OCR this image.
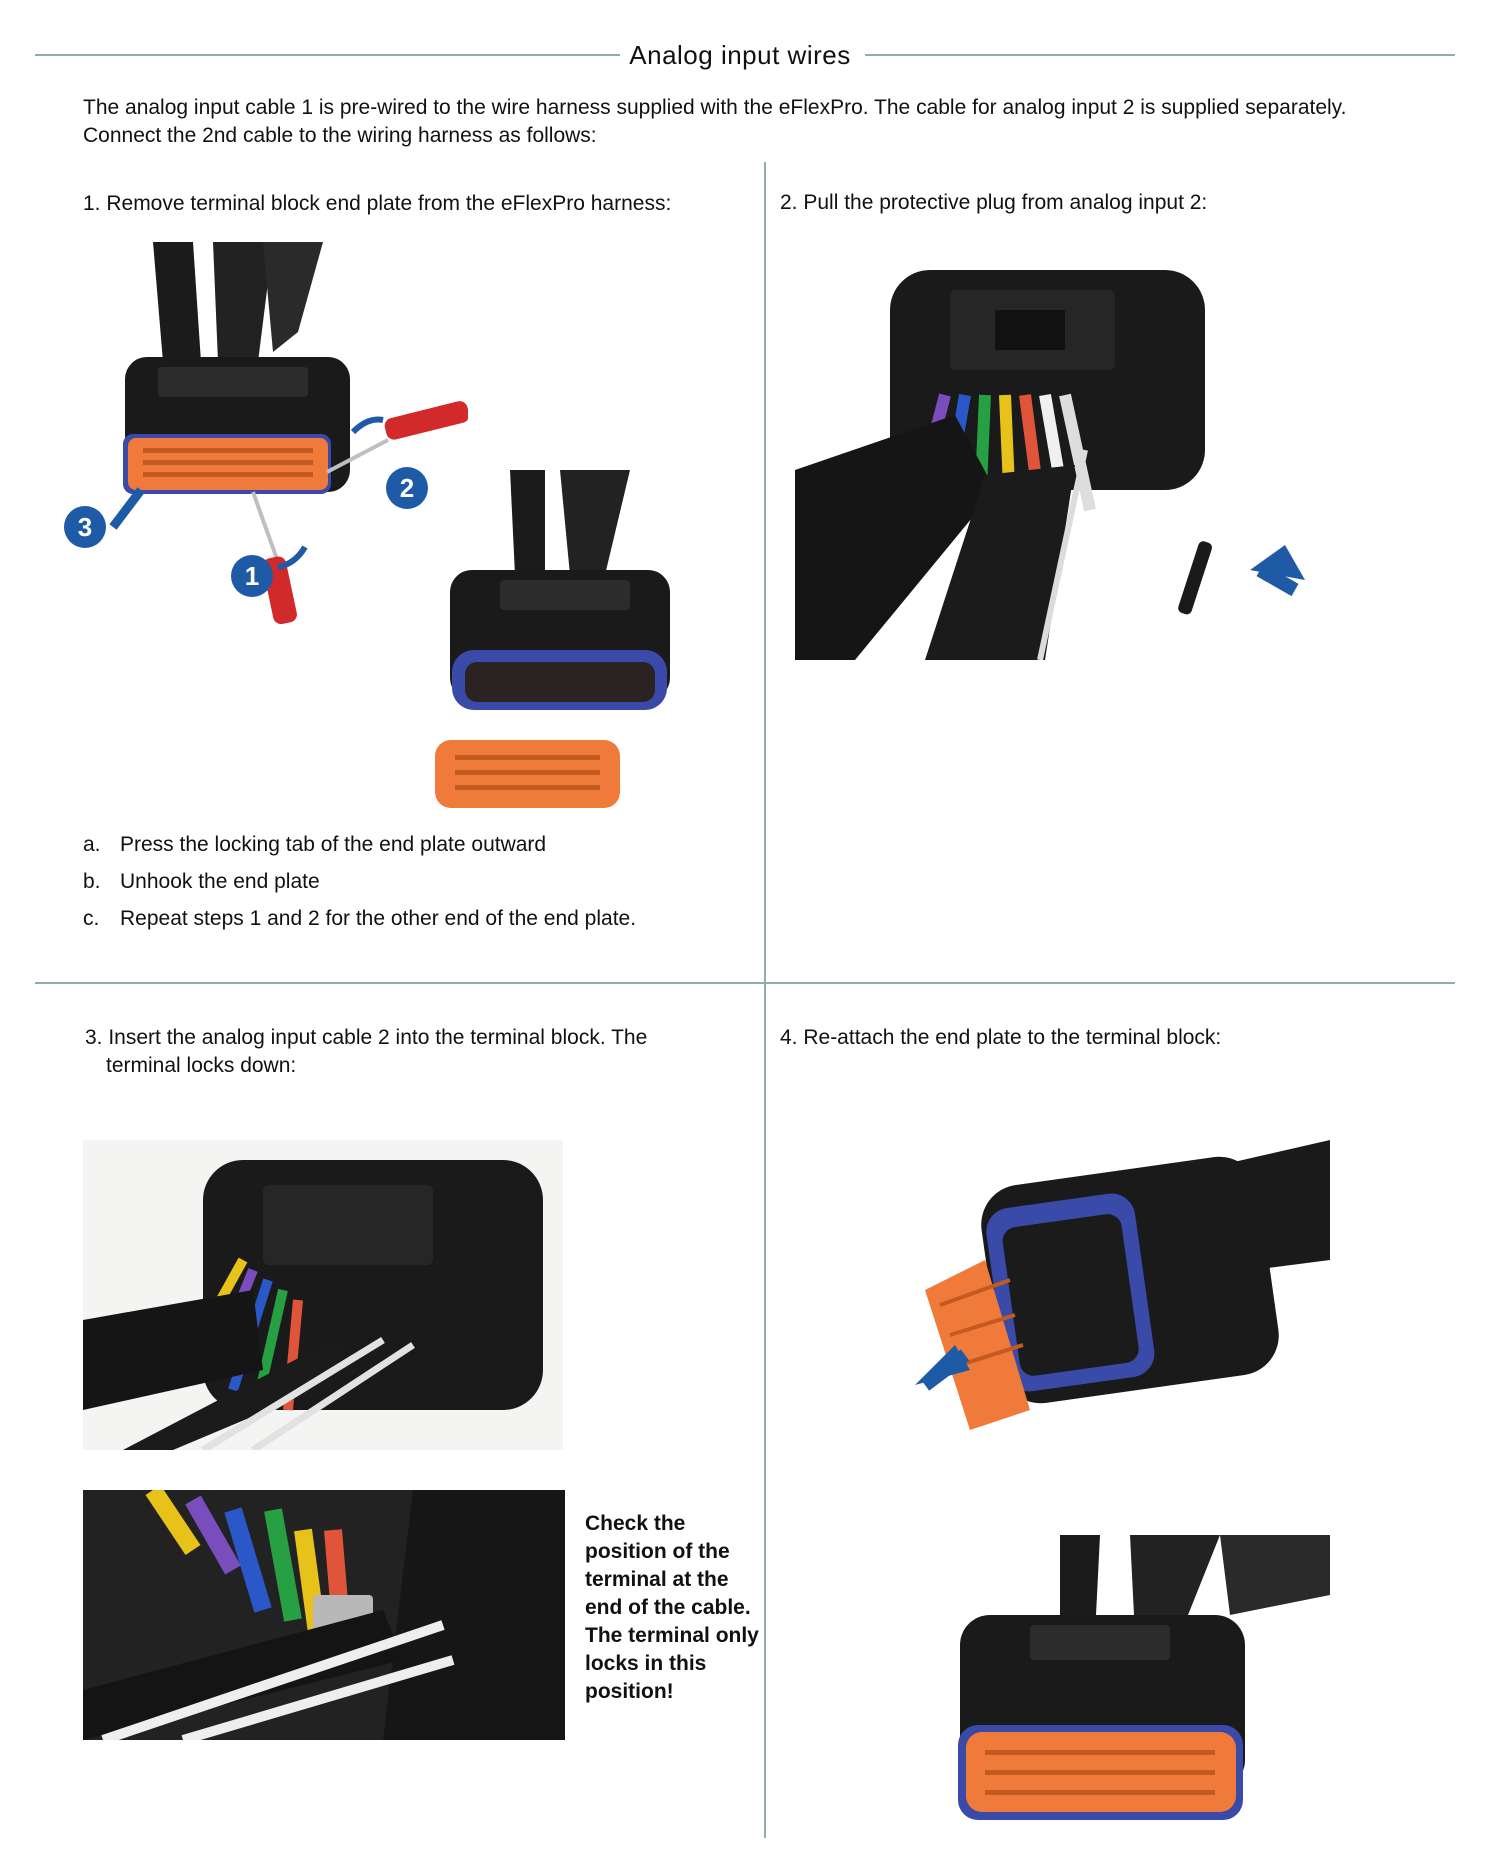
Analog input wires
The analog input cable 1 is pre-wired to the wire harness supplied with the eFlexPro. The cable for analog input 2 is supplied separately.
Connect the 2nd cable to the wiring harness as follows:
1. Remove terminal block end plate from the eFlexPro harness:	2. Pull the protective plug from analog input 2:
3. Insert the analog input cable 2 into the terminal block. The
terminal locks down:
4. Re-attach the end plate to the terminal block:
1
2
3
a. Press the locking tab of the end plate outward
b. Unhook the end plate
c. Repeat steps 1 and 2 for the other end of the end plate.
Check the
position of the
terminal at the
end of the cable.
The terminal only
locks in this
position!
